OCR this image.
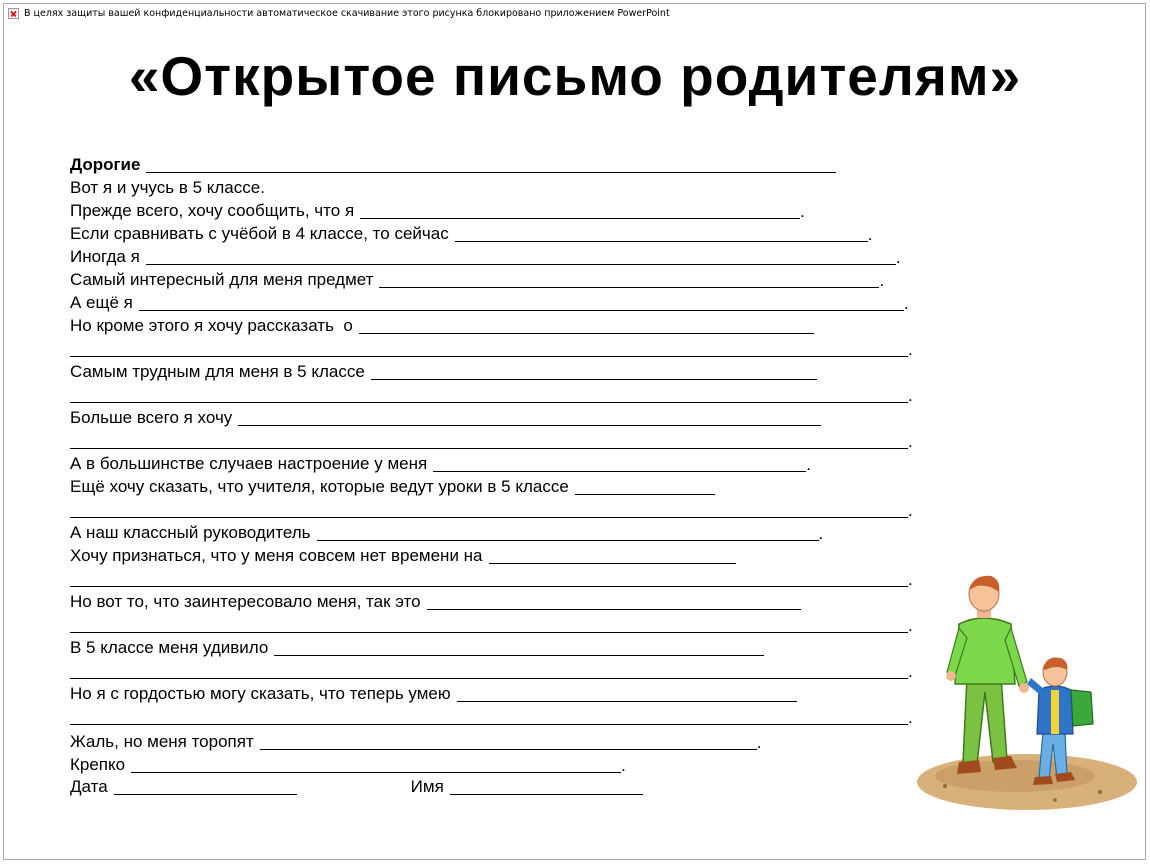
В целях защиты вашей конфиденциальности автоматическое скачивание этого рисунка блокировано приложением PowerPoint
«Открытое письмо родителям»
Дорогие
Вот я и учусь в 5 классе.
Прежде всего, хочу сообщить, что я	.
Если сравнивать с учёбой в 4 классе, то сейчас	.
Иногда я	.
Самый интересный для меня предмет	.
А ещё я	.
Но кроме этого я хочу рассказать  о
.
Самым трудным для меня в 5 классе
.
Больше всего я хочу
.
А в большинстве случаев настроение у меня	.
Ещё хочу сказать, что учителя, которые ведут уроки в 5 классе
.
А наш классный руководитель	.
Хочу признаться, что у меня совсем нет времени на
.
Но вот то, что заинтересовало меня, так это
.
В 5 классе меня удивило
.
Но я с гордостью могу сказать, что теперь умею
.
Жаль, но меня торопят	.
Крепко	.
Дата	Имя
